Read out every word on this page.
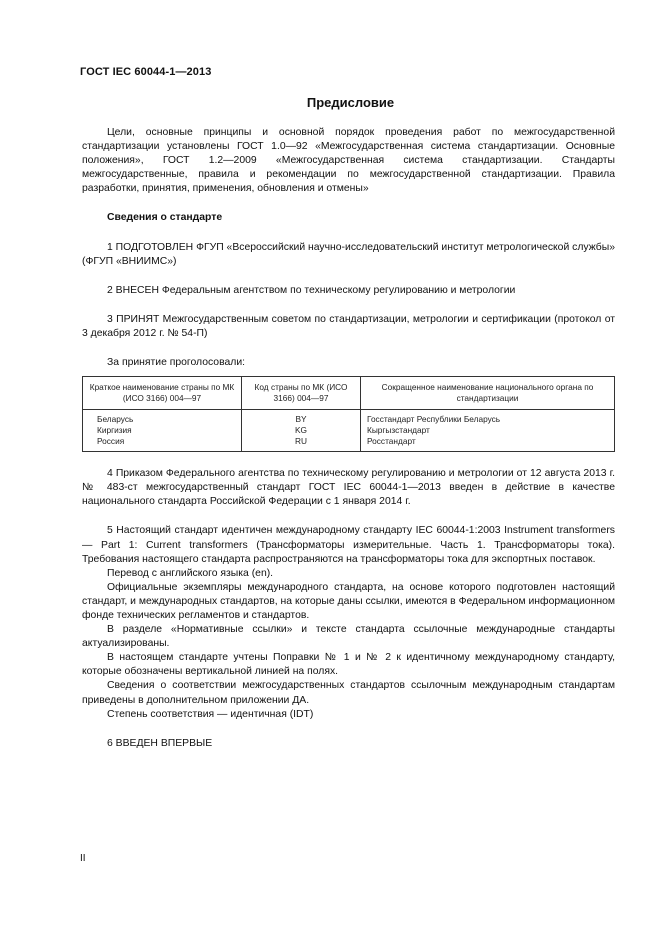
ГОСТ IEC 60044-1—2013
Предисловие

Цели, основные принципы и основной порядок проведения работ по межгосударственной стандартизации установлены ГОСТ 1.0—92 «Межгосударственная система стандартизации. Основные положения», ГОСТ 1.2—2009 «Межгосударственная система стандартизации. Стандарты межгосударственные, правила и рекомендации по межгосударственной стандартизации. Правила разработки, принятия, применения, обновления и отмены»

Сведения о стандарте

1 ПОДГОТОВЛЕН ФГУП «Всероссийский научно-исследовательский институт метрологической службы» (ФГУП «ВНИИМС»)

2 ВНЕСЕН Федеральным агентством по техническому регулированию и метрологии

3 ПРИНЯТ Межгосударственным советом по стандартизации, метрологии и сертификации (протокол от 3 декабря 2012 г. № 54-П)

За принятие проголосовали:

Краткое наименование страны по МК (ИСО 3166) 004—97	Код страны по МК (ИСО 3166) 004—97	Сокращенное наименование национального органа по стандартизации
Беларусь	BY	Госстандарт Республики Беларусь
Киргизия	KG	Кыргызстандарт
Россия	RU	Росстандарт

4 Приказом Федерального агентства по техническому регулированию и метрологии от 12 августа 2013 г. № 483-ст межгосударственный стандарт ГОСТ IEC 60044-1—2013 введен в действие в качестве национального стандарта Российской Федерации с 1 января 2014 г.

5 Настоящий стандарт идентичен международному стандарту IEC 60044-1:2003 Instrument transformers — Part 1: Current transformers (Трансформаторы измерительные. Часть 1. Трансформаторы тока). Требования настоящего стандарта распространяются на трансформаторы тока для экспортных поставок.

Перевод с английского языка (en).

Официальные экземпляры международного стандарта, на основе которого подготовлен настоящий стандарт, и международных стандартов, на которые даны ссылки, имеются в Федеральном информационном фонде технических регламентов и стандартов.

В разделе «Нормативные ссылки» и тексте стандарта ссылочные международные стандарты актуализированы.

В настоящем стандарте учтены Поправки № 1 и № 2 к идентичному международному стандарту, которые обозначены вертикальной линией на полях.

Сведения о соответствии межгосударственных стандартов ссылочным международным стандартам приведены в дополнительном приложении ДА.

Степень соответствия — идентичная (IDT)

6 ВВЕДЕН ВПЕРВЫЕ

II
